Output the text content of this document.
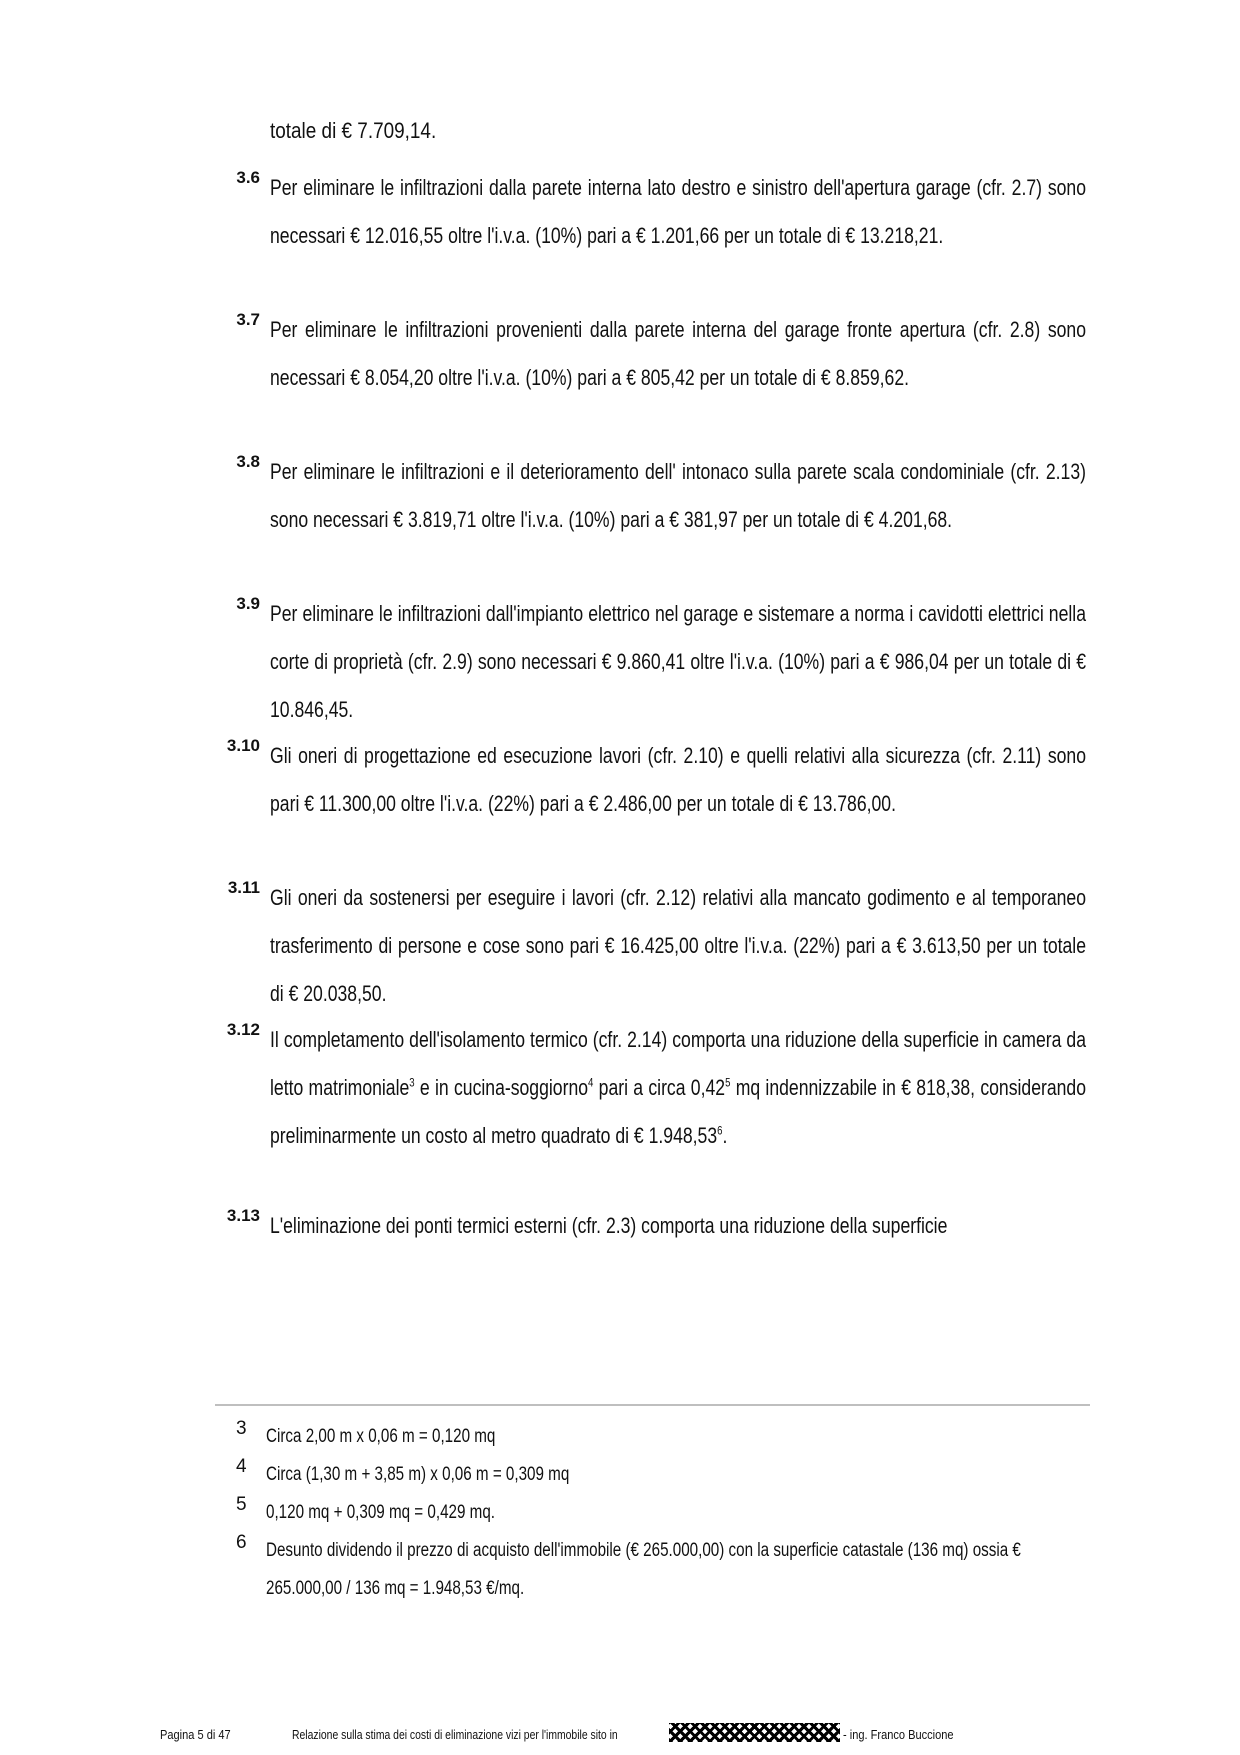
totale di € 7.709,14.
3.6 Per eliminare le infiltrazioni dalla parete interna lato destro e sinistro dell'apertura garage (cfr. 2.7) sono necessari € 12.016,55 oltre l'i.v.a. (10%) pari a € 1.201,66 per un totale di € 13.218,21.
3.7 Per eliminare le infiltrazioni provenienti dalla parete interna del garage fronte apertura (cfr. 2.8) sono necessari € 8.054,20 oltre l'i.v.a. (10%) pari a € 805,42 per un totale di € 8.859,62.
3.8 Per eliminare le infiltrazioni e il deterioramento dell' intonaco sulla parete scala condominiale (cfr. 2.13) sono necessari € 3.819,71 oltre l'i.v.a. (10%) pari a € 381,97 per un totale di € 4.201,68.
3.9 Per eliminare le infiltrazioni dall'impianto elettrico nel garage e sistemare a norma i cavidotti elettrici nella corte di proprietà (cfr. 2.9) sono necessari € 9.860,41 oltre l'i.v.a. (10%) pari a € 986,04 per un totale di € 10.846,45.
3.10 Gli oneri di progettazione ed esecuzione lavori (cfr. 2.10) e quelli relativi alla sicurezza (cfr. 2.11) sono pari € 11.300,00 oltre l'i.v.a. (22%) pari a € 2.486,00 per un totale di € 13.786,00.
3.11 Gli oneri da sostenersi per eseguire i lavori (cfr. 2.12) relativi alla mancato godimento e al temporaneo trasferimento di persone e cose sono pari € 16.425,00 oltre l'i.v.a. (22%) pari a € 3.613,50 per un totale di € 20.038,50.
3.12 Il completamento dell'isolamento termico (cfr. 2.14) comporta una riduzione della superficie in camera da letto matrimoniale$^3$ e in cucina-soggiorno$^4$ pari a circa 0,42$^5$ mq indennizzabile in € 818,38, considerando preliminarmente un costo al metro quadrato di € 1.948,53$^6$.
3.13 L'eliminazione dei ponti termici esterni (cfr. 2.3) comporta una riduzione della superficie
3	Circa 2,00 m x 0,06 m = 0,120 mq
4	Circa (1,30 m + 3,85 m) x 0,06 m = 0,309 mq
5	0,120 mq + 0,309 mq = 0,429 mq.
6	Desunto dividendo il prezzo di acquisto dell'immobile (€ 265.000,00) con la superficie catastale (136 mq) ossia € 265.000,00 / 136 mq = 1.948,53 €/mq.
Pagina 5 di 47	Relazione sulla stima dei costi di eliminazione vizi per l'immobile sito in	- ing. Franco Buccione
